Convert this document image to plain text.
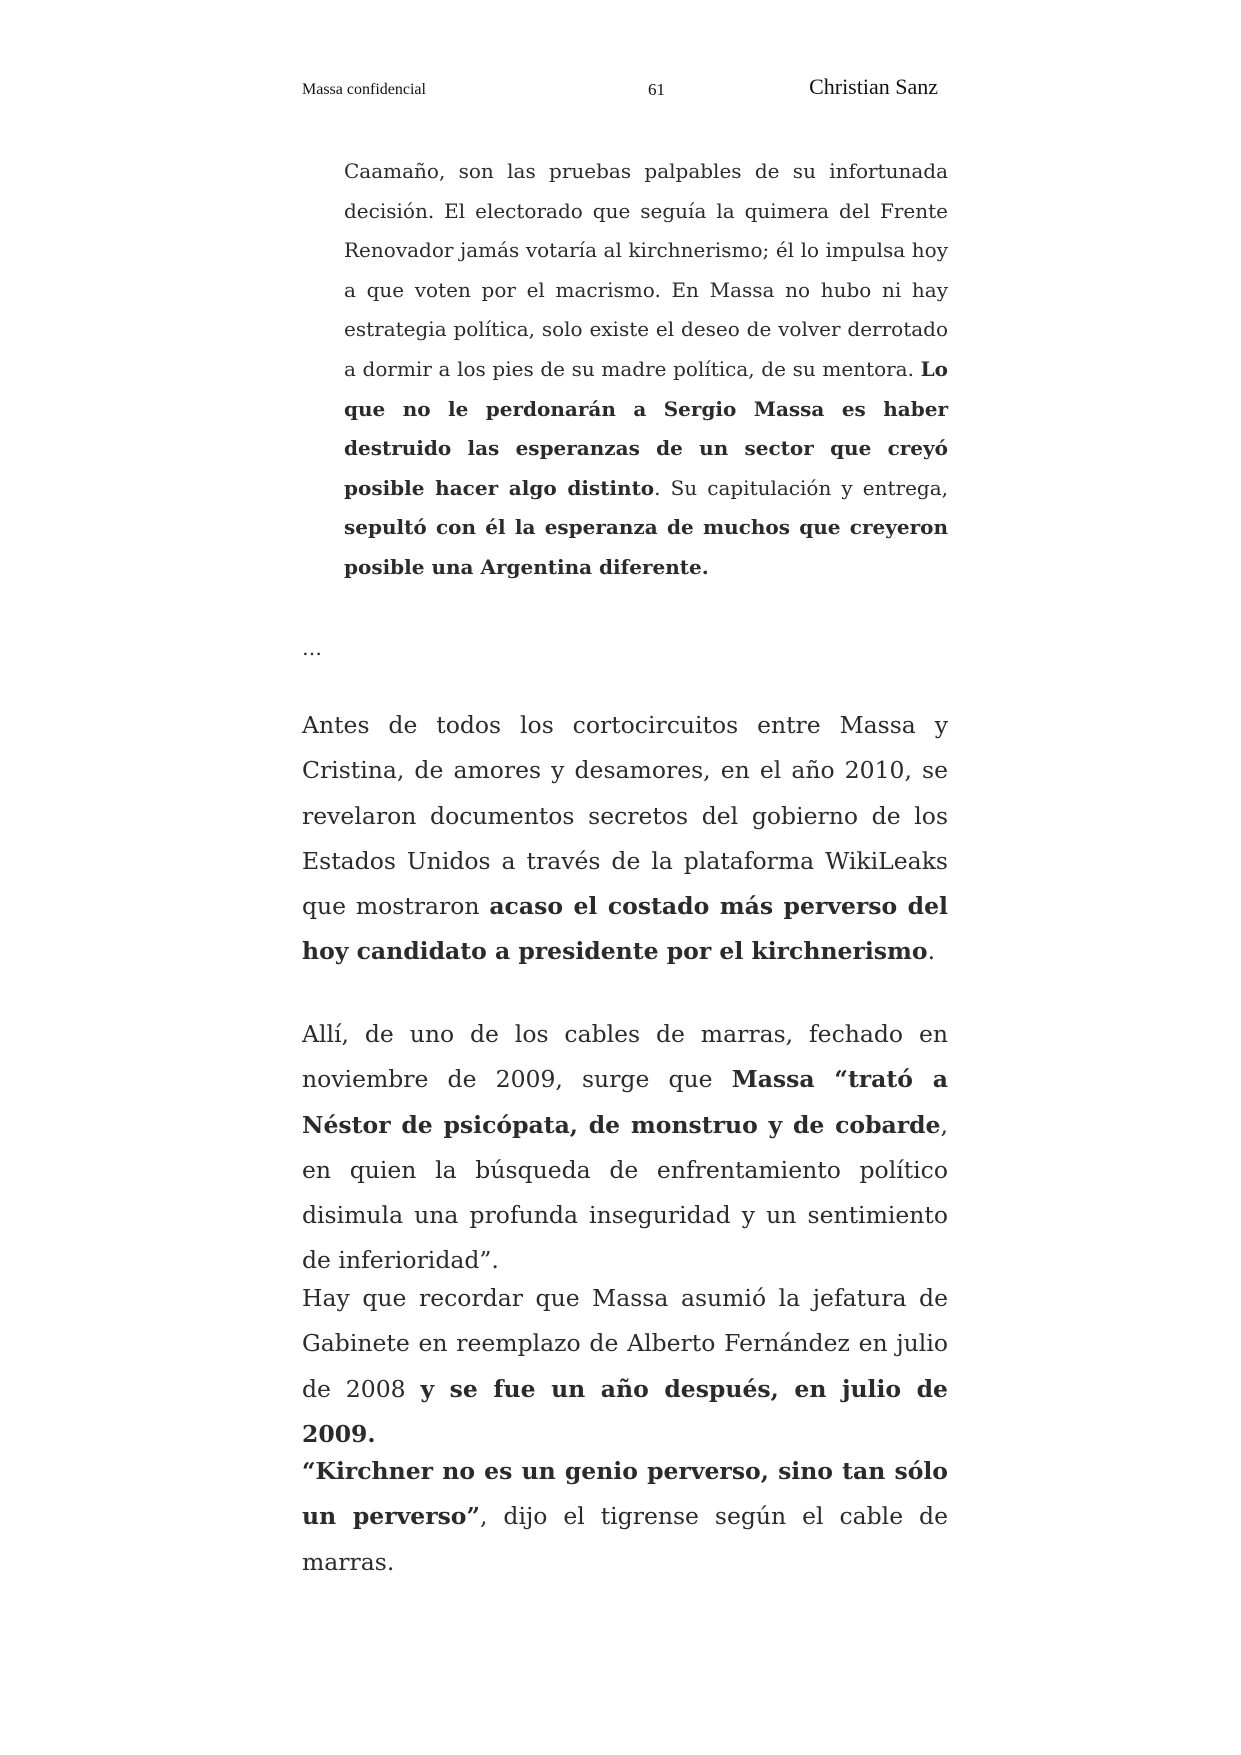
Massa confidencial	61	Christian Sanz

Caamaño, son las pruebas palpables de su infortunada decisión. El electorado que seguía la quimera del Frente Renovador jamás votaría al kirchnerismo; él lo impulsa hoy a que voten por el macrismo. En Massa no hubo ni hay estrategia política, solo existe el deseo de volver derrotado a dormir a los pies de su madre política, de su mentora. Lo que no le perdonarán a Sergio Massa es haber destruido las esperanzas de un sector que creyó posible hacer algo distinto. Su capitulación y entrega, sepultó con él la esperanza de muchos que creyeron posible una Argentina diferente.

…

Antes de todos los cortocircuitos entre Massa y Cristina, de amores y desamores, en el año 2010, se revelaron documentos secretos del gobierno de los Estados Unidos a través de la plataforma WikiLeaks que mostraron acaso el costado más perverso del hoy candidato a presidente por el kirchnerismo.

Allí, de uno de los cables de marras, fechado en noviembre de 2009, surge que Massa “trató a Néstor de psicópata, de monstruo y de cobarde, en quien la búsqueda de enfrentamiento político disimula una profunda inseguridad y un sentimiento de inferioridad”.

Hay que recordar que Massa asumió la jefatura de Gabinete en reemplazo de Alberto Fernández en julio de 2008 y se fue un año después, en julio de 2009.

“Kirchner no es un genio perverso, sino tan sólo un perverso”, dijo el tigrense según el cable de marras.
